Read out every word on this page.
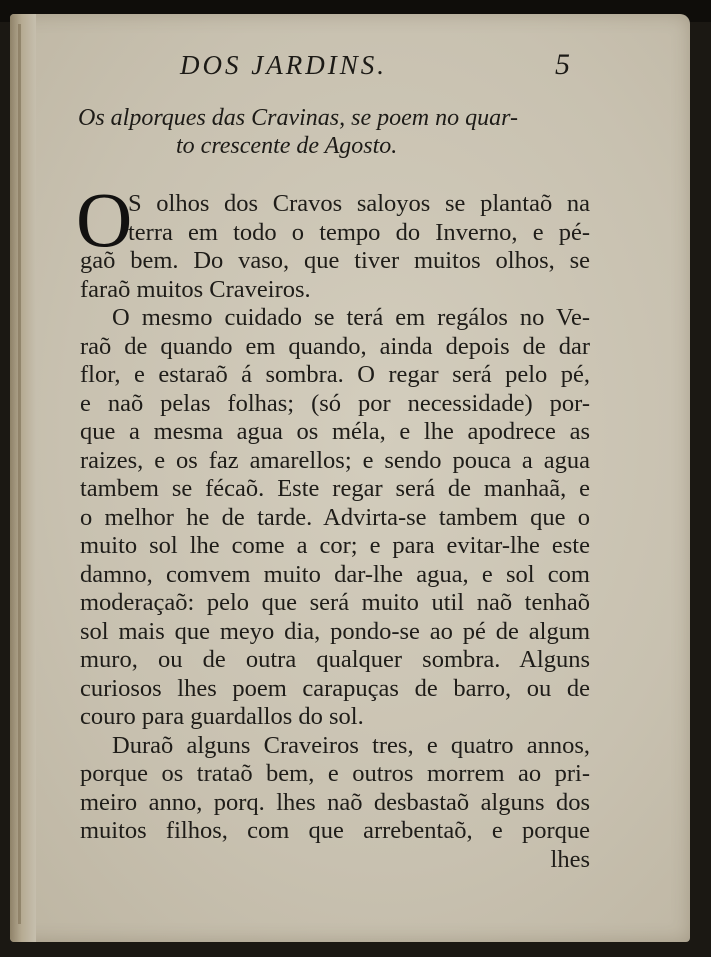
DOS JARDINS.	5
Os alporques das Cravinas, se poem no quar-
to crescente de Agosto.
O
S olhos dos Cravos saloyos se plantaõ na
terra em todo o tempo do Inverno, e pé-
gaõ bem. Do vaso, que tiver muitos olhos, se
faraõ muitos Craveiros.
O mesmo cuidado se terá em regálos no Ve-
raõ de quando em quando, ainda depois de dar
flor, e estaraõ á sombra. O regar será pelo pé,
e naõ pelas folhas; (só por necessidade) por-
que a mesma agua os méla, e lhe apodrece as
raizes, e os faz amarellos; e sendo pouca a agua
tambem se fécaõ. Este regar será de manhaã, e
o melhor he de tarde. Advirta-se tambem que o
muito sol lhe come a cor; e para evitar-lhe este
damno, comvem muito dar-lhe agua, e sol com
moderaçaõ: pelo que será muito util naõ tenhaõ
sol mais que meyo dia, pondo-se ao pé de algum
muro, ou de outra qualquer sombra. Alguns
curiosos lhes poem carapuças de barro, ou de
couro para guardallos do sol.
Duraõ alguns Craveiros tres, e quatro annos,
porque os trataõ bem, e outros morrem ao pri-
meiro anno, porq. lhes naõ desbastaõ alguns dos
muitos filhos, com que arrebentaõ, e porque
lhes
